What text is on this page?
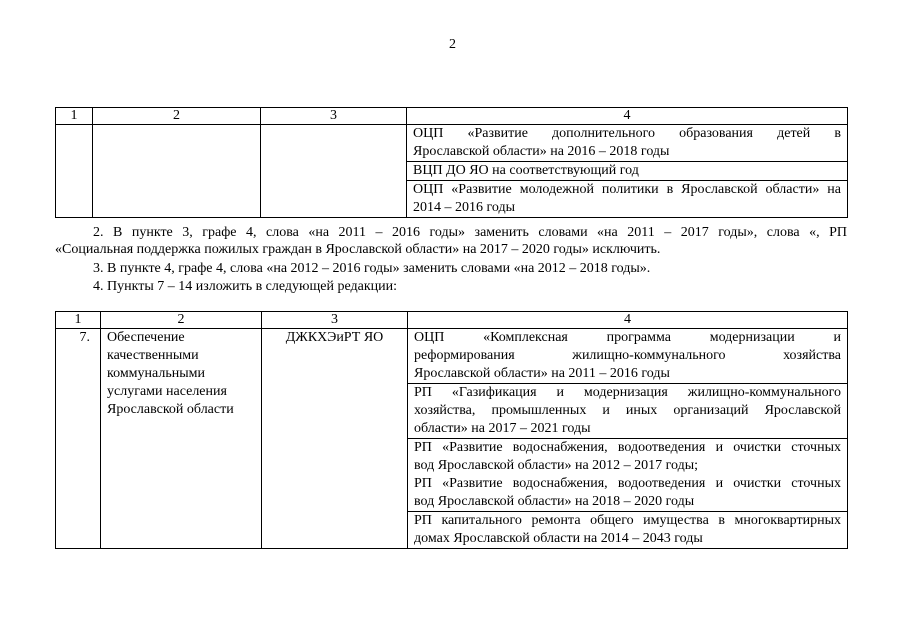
2
1	2	3	4

			ОЦП «Развитие дополнительного образования детей в
Ярославской области» на 2016 – 2018 годы

			ВЦП ДО ЯО на соответствующий год

			ОЦП «Развитие молодежной политики в Ярославской области» на
2014 – 2016 годы
2. В пункте 3, графе 4, слова «на 2011 – 2016 годы» заменить словами «на 2011 – 2017 годы», слова «, РП
«Социальная поддержка пожилых граждан в Ярославской области» на 2017 – 2020 годы» исключить.
3. В пункте 4, графе 4, слова «на 2012 – 2016 годы» заменить словами «на 2012 – 2018 годы».
4. Пункты 7 – 14 изложить в следующей редакции:
1	2	3	4
7.	Обеспечение
качественными
коммунальными
услугами населения
Ярославской области	ДЖКХЭиРТ ЯО	ОЦП «Комплексная программа модернизации и
реформирования жилищно-коммунального хозяйства
Ярославской области» на 2011 – 2016 годы

			РП «Газификация и модернизация жилищно-коммунального
хозяйства, промышленных и иных организаций Ярославской
области» на 2017 – 2021 годы

			РП «Развитие водоснабжения, водоотведения и очистки сточных
вод Ярославской области» на 2012 – 2017 годы;
РП «Развитие водоснабжения, водоотведения и очистки сточных
вод Ярославской области» на 2018 – 2020 годы

			РП капитального ремонта общего имущества в многоквартирных
домах Ярославской области на 2014 – 2043 годы
